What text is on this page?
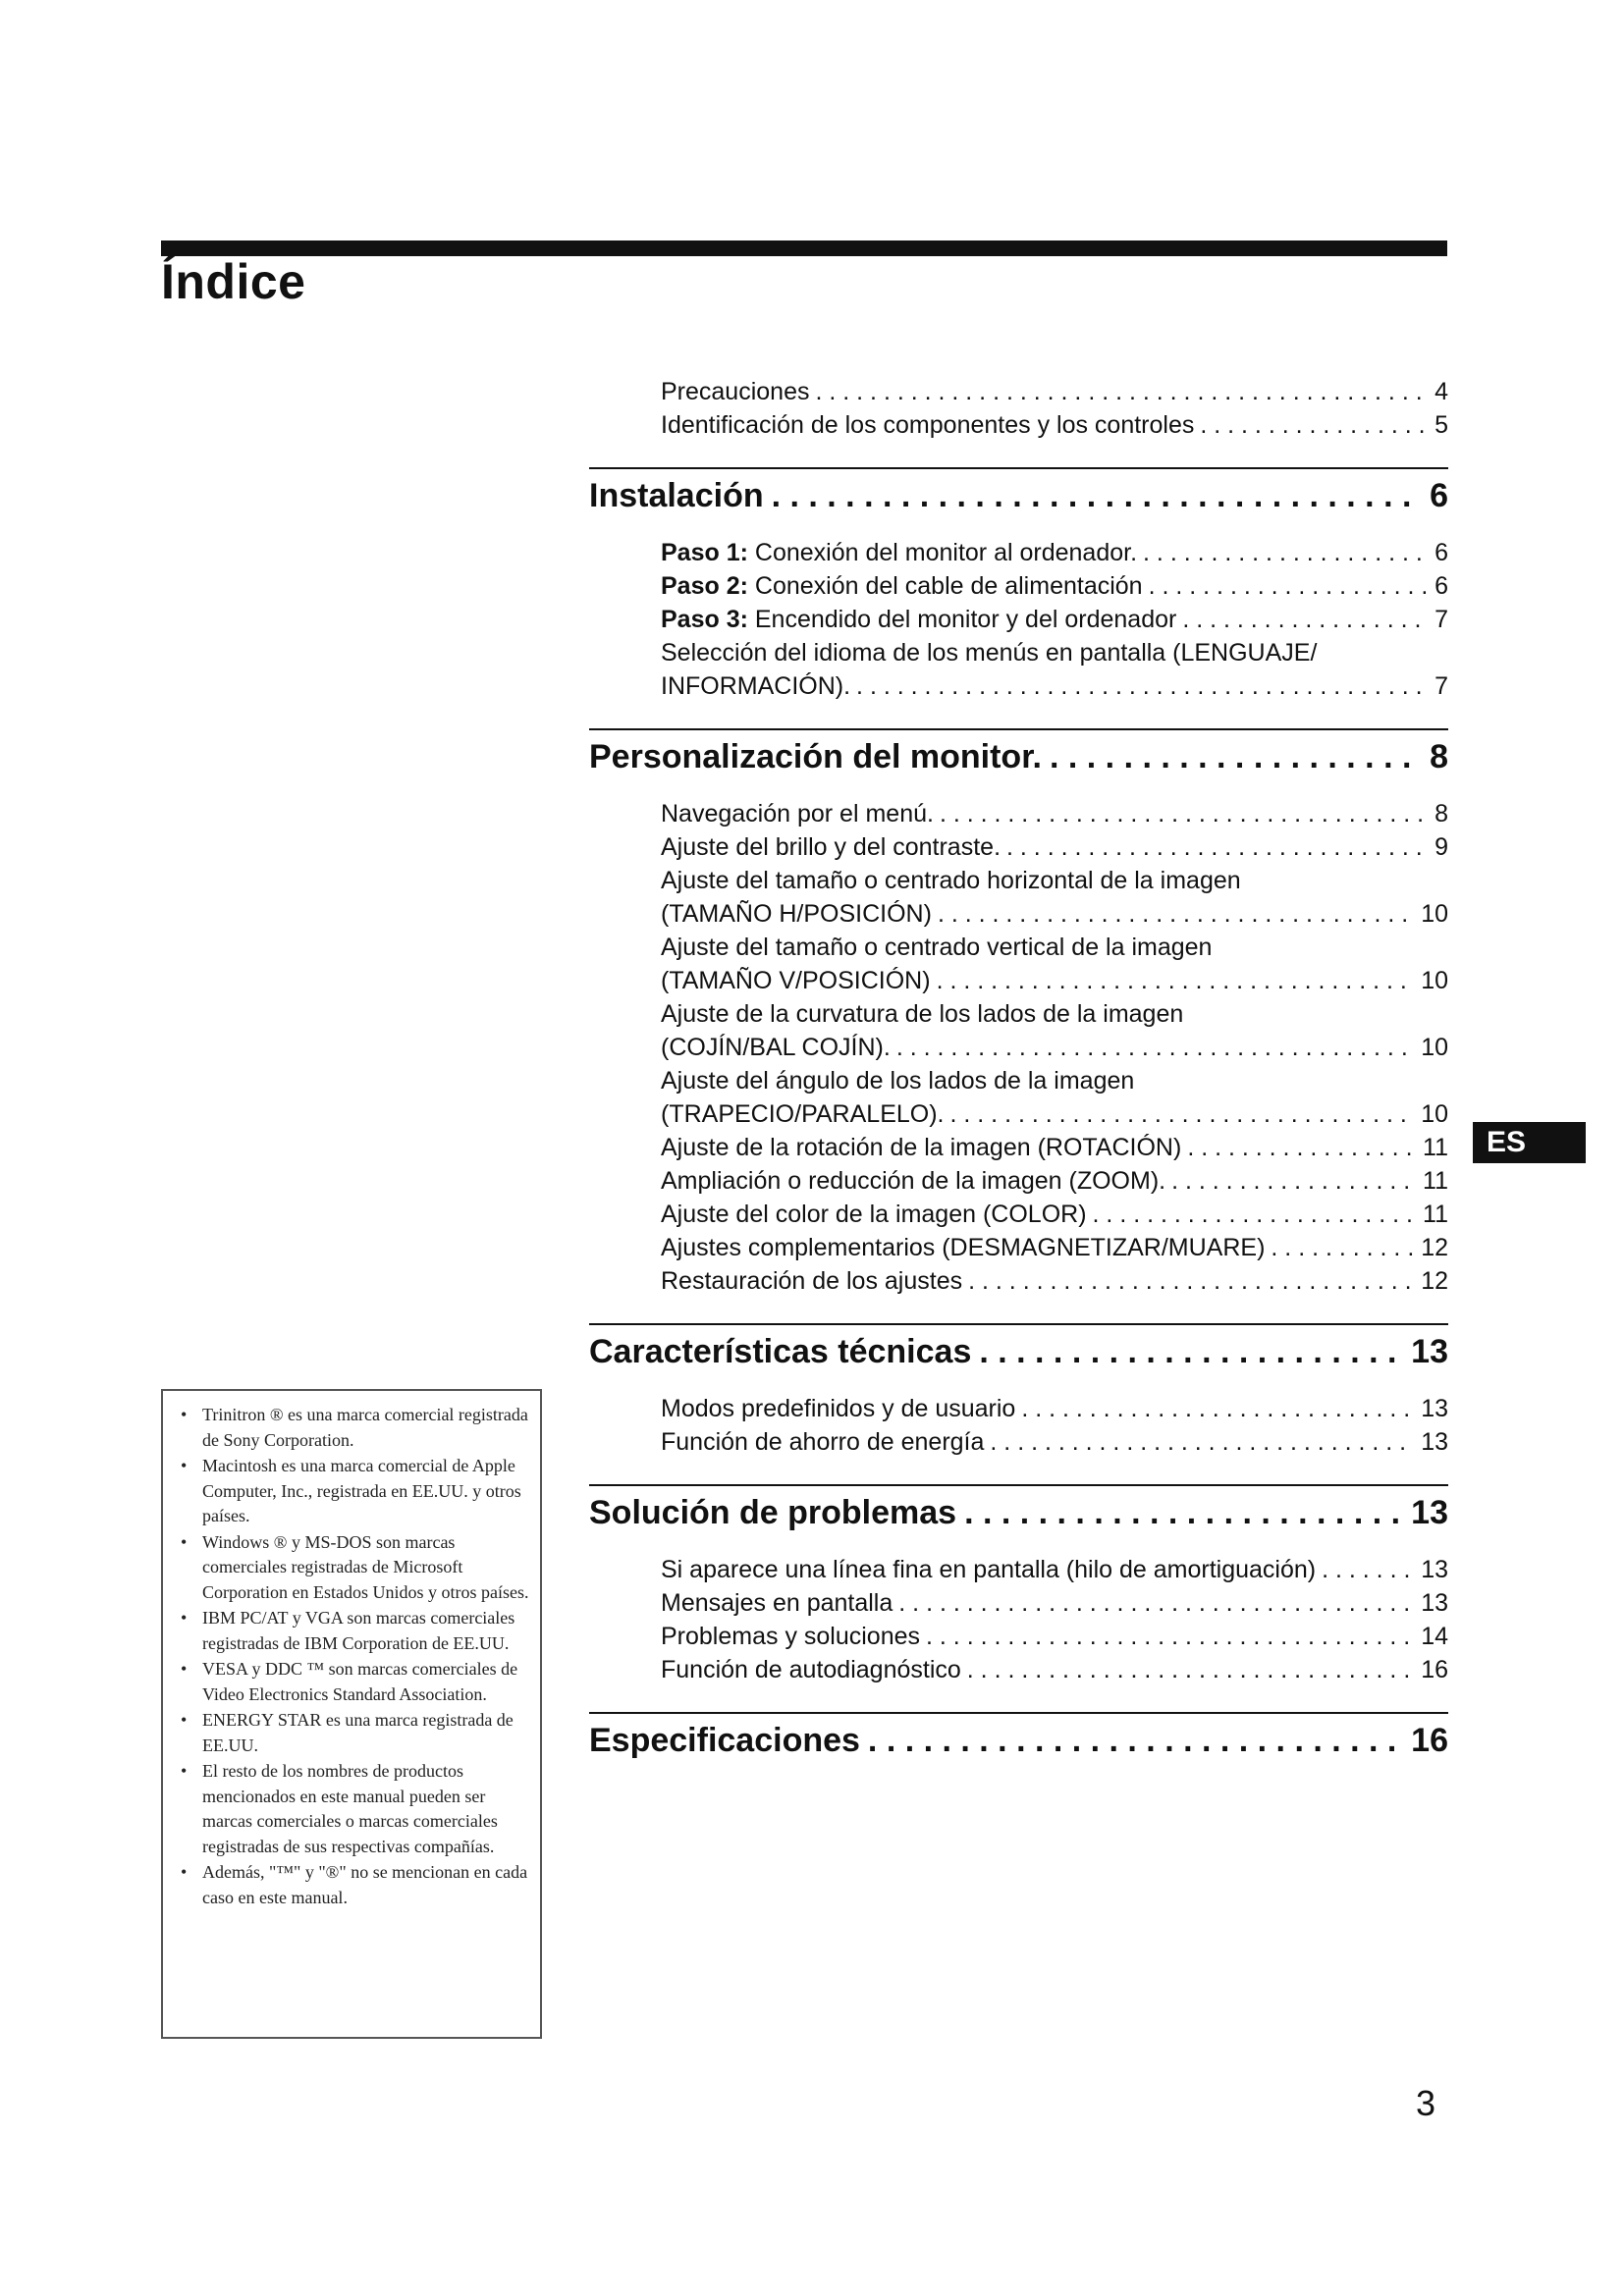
Índice
Precauciones . . .	4
Identificación de los componentes y los controles . . .	5
Instalación . . .	6
Paso 1: Conexión del monitor al ordenador. . . .	6
Paso 2: Conexión del cable de alimentación . . .	6
Paso 3: Encendido del monitor y del ordenador . . .	7
Selección del idioma de los menús en pantalla (LENGUAJE/
INFORMACIÓN). . . .	7
Personalización del monitor. . . .	8
Navegación por el menú. . . .	8
Ajuste del brillo y del contraste. . . .	9
Ajuste del tamaño o centrado horizontal de la imagen
(TAMAÑO H/POSICIÓN) . . .	10
Ajuste del tamaño o centrado vertical de la imagen
(TAMAÑO V/POSICIÓN) . . .	10
Ajuste de la curvatura de los lados de la imagen
(COJÍN/BAL COJÍN). . . .	10
Ajuste del ángulo de los lados de la imagen
(TRAPECIO/PARALELO). . . .	10
Ajuste de la rotación de la imagen (ROTACIÓN) . . .	11
Ampliación o reducción de la imagen (ZOOM). . . .	11
Ajuste del color de la imagen (COLOR) . . .	11
Ajustes complementarios (DESMAGNETIZAR/MUARE) . . .	12
Restauración de los ajustes . . .	12
Características técnicas . . .	13
Modos predefinidos y de usuario . . .	13
Función de ahorro de energía . . .	13
Solución de problemas . . .	13
Si aparece una línea fina en pantalla (hilo de amortiguación) . . .	13
Mensajes en pantalla . . .	13
Problemas y soluciones . . .	14
Función de autodiagnóstico . . .	16
Especificaciones . . .	16
ES
• Trinitron ® es una marca comercial registrada de Sony Corporation.
• Macintosh es una marca comercial de Apple Computer, Inc., registrada en EE.UU. y otros países.
• Windows ® y MS-DOS son marcas comerciales registradas de Microsoft Corporation en Estados Unidos y otros países.
• IBM PC/AT y VGA son marcas comerciales registradas de IBM Corporation de EE.UU.
• VESA y DDC ™ son marcas comerciales de Video Electronics Standard Association.
• ENERGY STAR es una marca registrada de EE.UU.
• El resto de los nombres de productos mencionados en este manual pueden ser marcas comerciales o marcas comerciales registradas de sus respectivas compañías.
• Además, "™" y "®" no se mencionan en cada caso en este manual.
3
